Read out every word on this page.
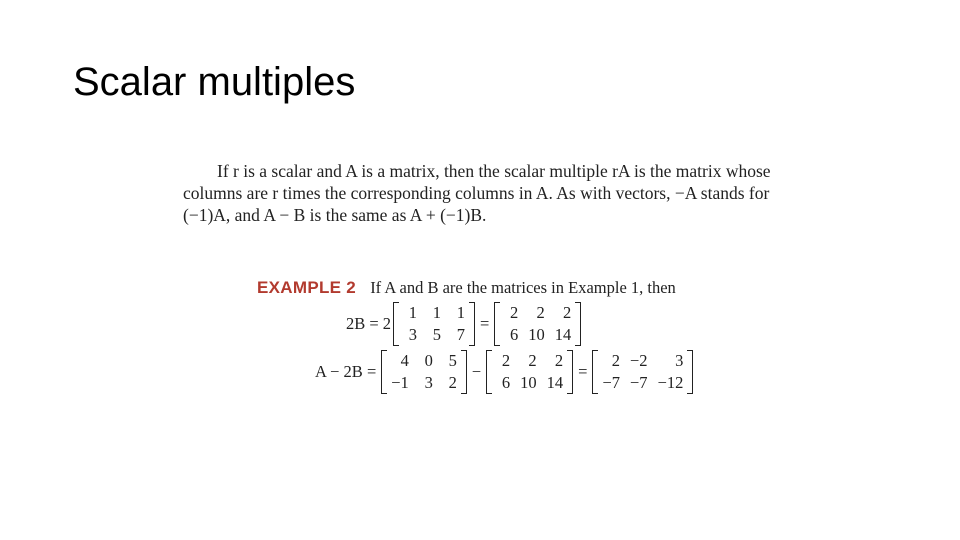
Scalar multiples
If r is a scalar and A is a matrix, then the scalar multiple rA is the matrix whose
columns are r times the corresponding columns in A. As with vectors, −A stands for
(−1)A, and A − B is the same as A + (−1)B.
EXAMPLE 2 If A and B are the matrices in Example 1, then
2B = 2
1 1 1
3 5 7
=
2	2	2
6 10 14
A − 2B =
4 0 5
−1 3 2
−
2	2	2
6 10 14
=
2 −2	3
−7 −7 −12
